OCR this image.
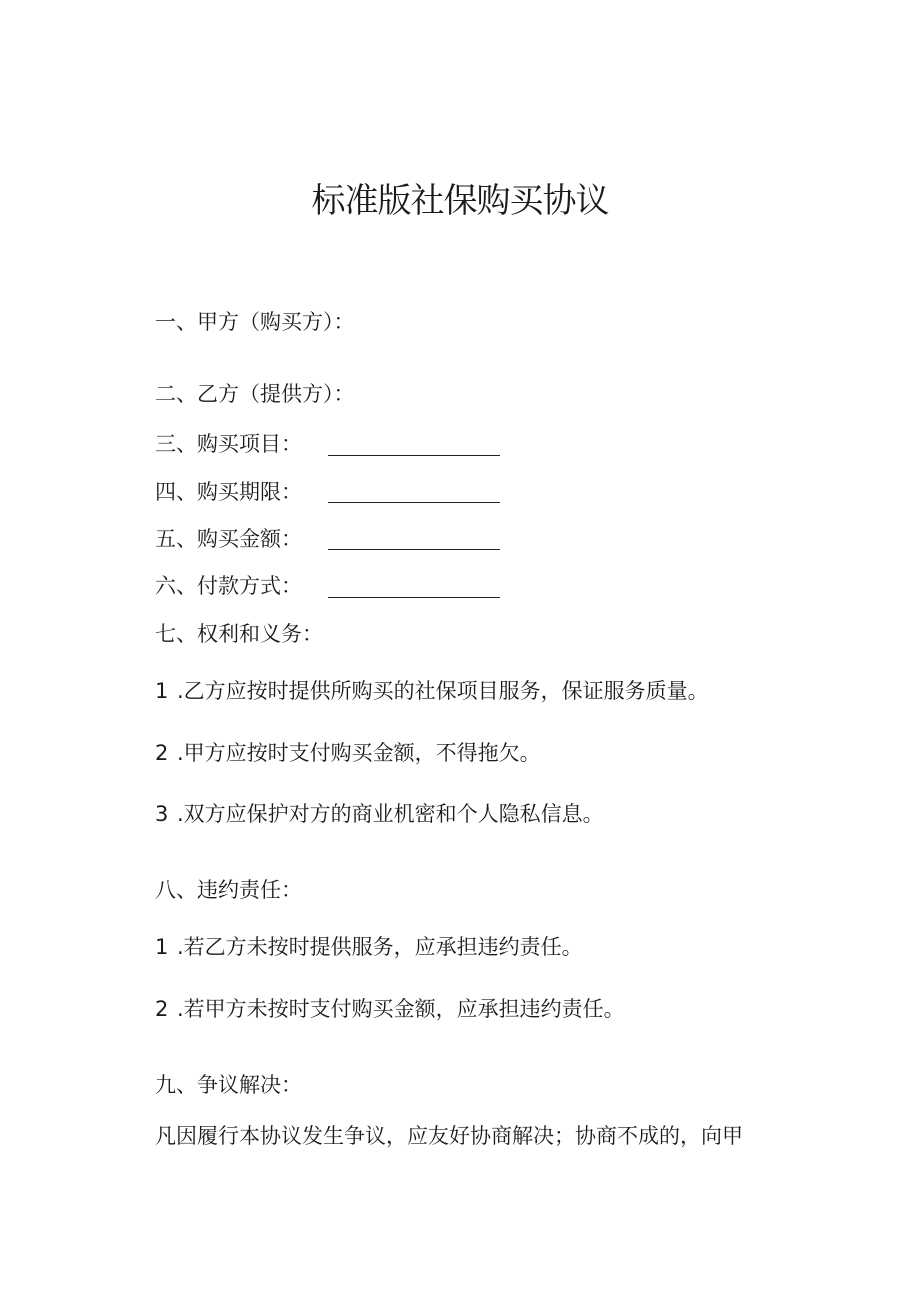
标准版社保购买协议
一、甲方（购买方）：
二、乙方（提供方）：
三、购买项目：
四、购买期限：
五、购买金额：
六、付款方式：
七、权利和义务：
1 .乙方应按时提供所购买的社保项目服务，保证服务质量。
2 .甲方应按时支付购买金额，不得拖欠。
3 .双方应保护对方的商业机密和个人隐私信息。
八、违约责任：
1 .若乙方未按时提供服务，应承担违约责任。
2 .若甲方未按时支付购买金额，应承担违约责任。
九、争议解决：
凡因履行本协议发生争议，应友好协商解决；协商不成的，向甲
